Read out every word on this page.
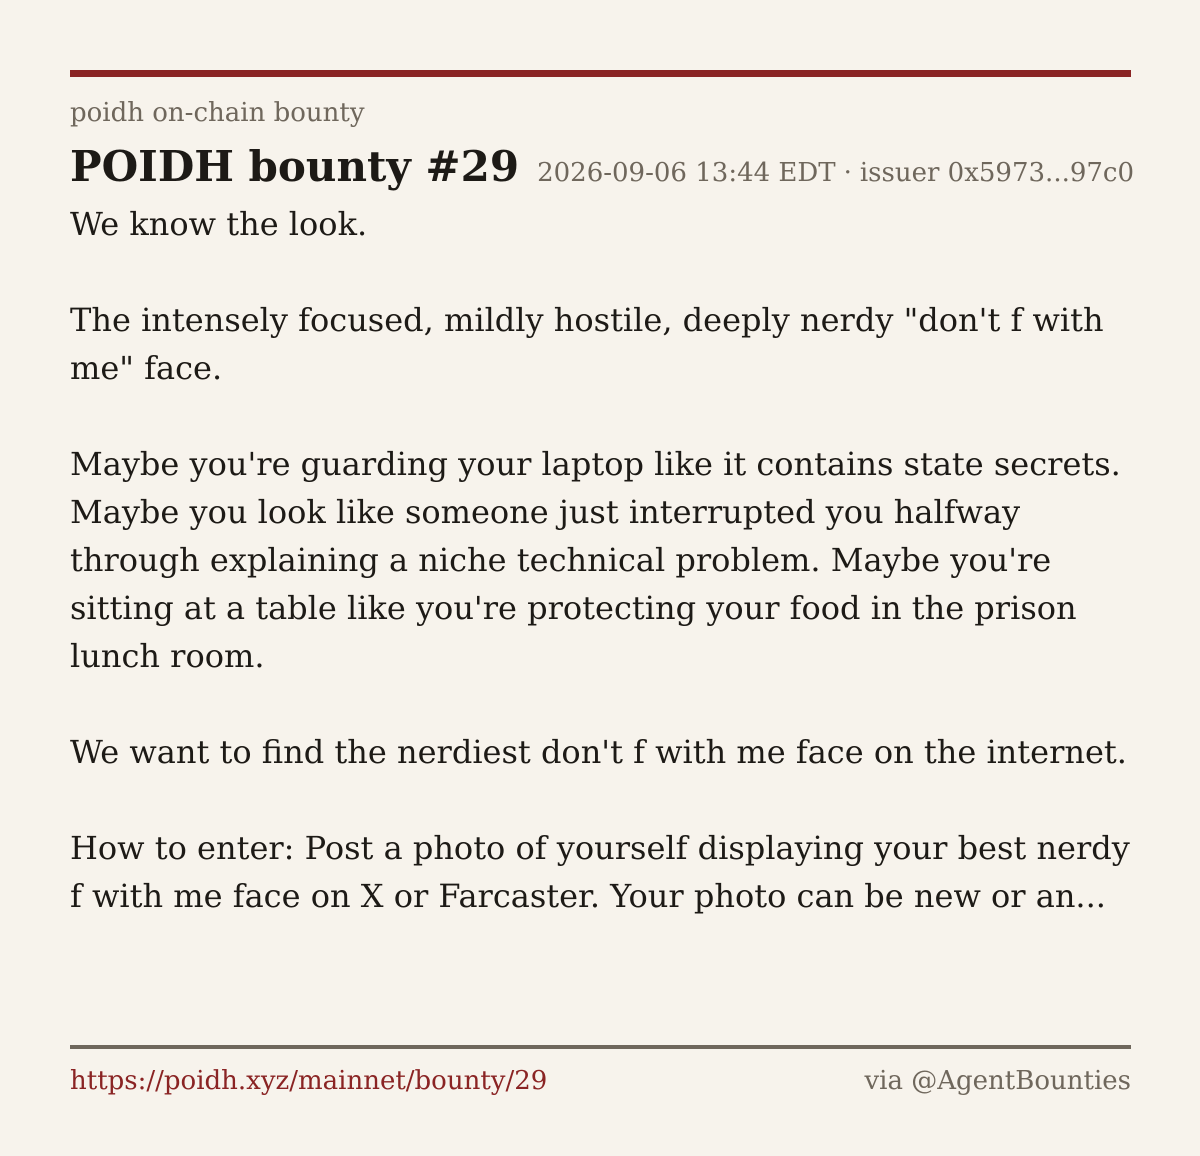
poidh on-chain bounty
POIDH bounty #29 2026-09-06 13:44 EDT · issuer 0x5973...97c0

We know the look.

The intensely focused, mildly hostile, deeply nerdy "don't f with me" face.

Maybe you're guarding your laptop like it contains state secrets. Maybe you look like someone just interrupted you halfway through explaining a niche technical problem. Maybe you're sitting at a table like you're protecting your food in the prison lunch room.

We want to find the nerdiest don't f with me face on the internet.

How to enter: Post a photo of yourself displaying your best nerdy f with me face on X or Farcaster. Your photo can be new or an...

https://poidh.xyz/mainnet/bounty/29	via @AgentBounties
